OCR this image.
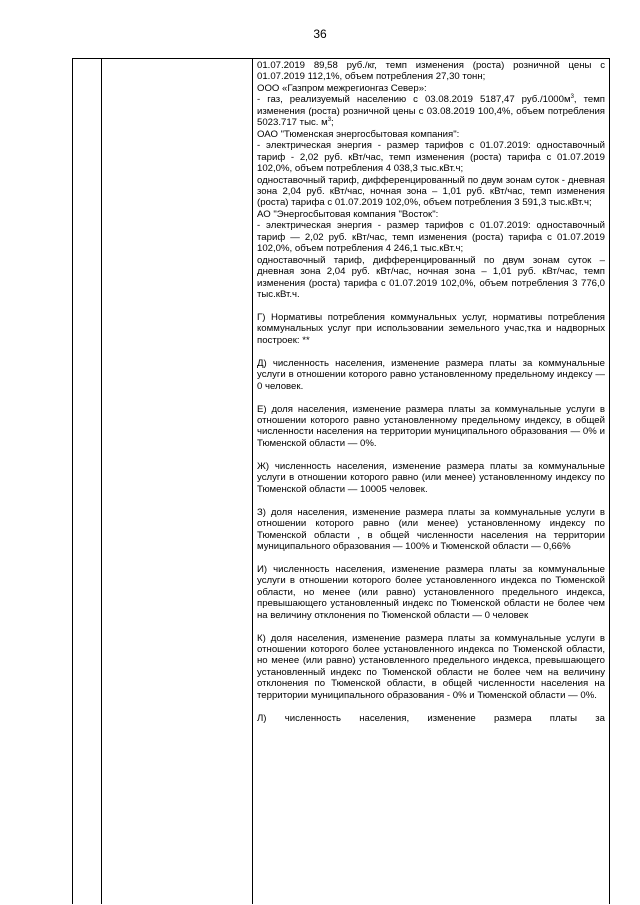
36

01.07.2019 89,58 руб./кг, темп изменения (роста) розничной цены с 01.07.2019 112,1%, объем потребления 27,30 тонн;

ООО «Газпром межрегионгаз Север»:

- газ, реализуемый населению с 03.08.2019 5187,47 $руб./1000м^3$, темп изменения (роста) розничной цены с 03.08.2019 100,4%, объем потребления 5023.717 тыс. $м^3$;

ОАО "Тюменская энергосбытовая компания":

- электрическая энергия - размер тарифов с 01.07.2019: одноставочный тариф - 2,02 руб. кВт/час, темп изменения (роста) тарифа с 01.07.2019 102,0%, объем потребления 4 038,3 тыс.кВт.ч;

одноставочный тариф, дифференцированный по двум зонам суток - дневная зона 2,04 руб. кВт/час, ночная зона – 1,01 руб. кВт/час, темп изменения (роста) тарифа с 01.07.2019 102,0%, объем потребления 3 591,3 тыс.кВт.ч;

АО "Энергосбытовая компания "Восток":

- электрическая энергия - размер тарифов с 01.07.2019: одноставочный тариф — 2,02 руб. кВт/час, темп изменения (роста) тарифа с 01.07.2019 102,0%, объем потребления 4 246,1 тыс.кВт.ч;

одноставочный тариф, дифференцированный по двум зонам суток – дневная зона 2,04 руб. кВт/час, ночная зона – 1,01 руб. кВт/час, темп изменения (роста) тарифа с 01.07.2019 102,0%, объем потребления 3 776,0 тыс.кВт.ч.

Г) Нормативы потребления коммунальных услуг, нормативы потребления коммунальных услуг при использовании земельного учас,тка и надворных построек: **

Д) численность населения, изменение размера платы за коммунальные услуги в отношении которого равно установленному предельному индексу — 0 человек.

Е) доля населения, изменение размера платы за коммунальные услуги в отношении которого равно установленному предельному индексу, в общей численности населения на территории муниципального образования — 0% и Тюменской области — 0%.

Ж) численность населения, изменение размера платы за коммунальные услуги в отношении которого равно (или менее) установленному индексу по Тюменской области — 10005 человек.

З) доля населения, изменение размера платы за коммунальные услуги в отношении которого равно (или менее) установленному индексу по Тюменской области , в общей численности населения на территории муниципального образования — 100% и Тюменской области — 0,66%

И) численность населения, изменение размера платы за коммунальные услуги в отношении которого более установленного индекса по Тюменской области, но менее (или равно) установленного предельного индекса, превышающего установленный индекс по Тюменской области не более чем на величину отклонения по Тюменской области — 0 человек

К) доля населения, изменение размера платы за коммунальные услуги в отношении которого более установленного индекса по Тюменской области, но менее (или равно) установленного предельного индекса, превышающего установленный индекс по Тюменской области не более чем на величину отклонения по Тюменской области, в общей численности населения на территории муниципального образования - 0% и Тюменской области — 0%.

Л) численность населения, изменение размера платы за
